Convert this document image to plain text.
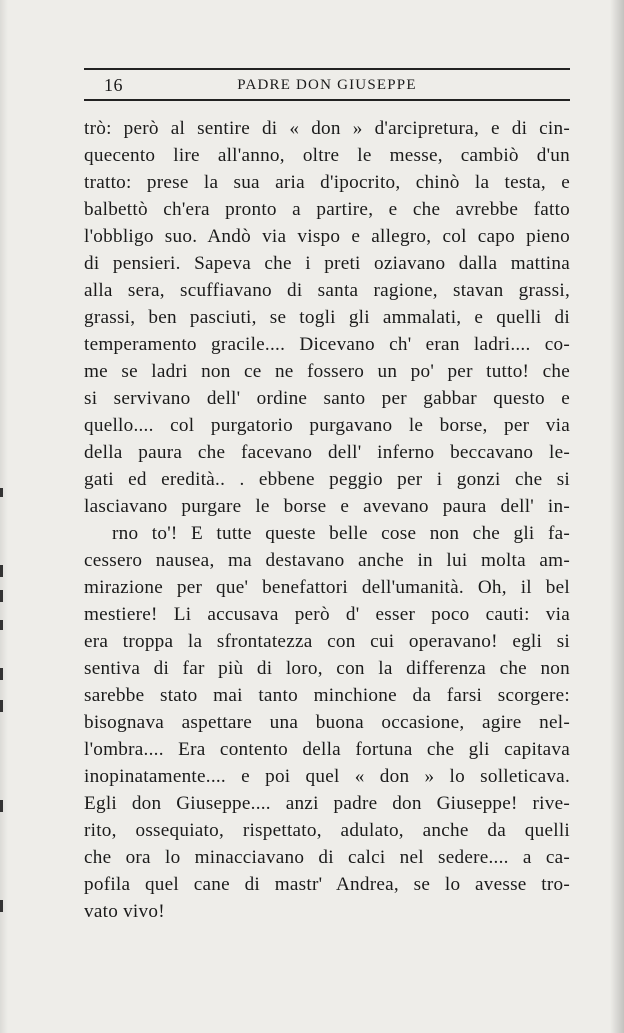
16	PADRE DON GIUSEPPE
trò: però al sentire di « don » d'arcipretura, e di cin-
quecento lire all'anno, oltre le messe, cambiò d'un
tratto: prese la sua aria d'ipocrito, chinò la testa, e
balbettò ch'era pronto a partire, e che avrebbe fatto
l'obbligo suo. Andò via vispo e allegro, col capo pieno
di pensieri. Sapeva che i preti oziavano dalla mattina
alla sera, scuffiavano di santa ragione, stavan grassi,
grassi, ben pasciuti, se togli gli ammalati, e quelli di
temperamento gracile.... Dicevano ch' eran ladri.... co-
me se ladri non ce ne fossero un po' per tutto! che
si servivano dell' ordine santo per gabbar questo e
quello.... col purgatorio purgavano le borse, per via
della paura che facevano dell' inferno beccavano le-
gati ed eredità.. . ebbene peggio per i gonzi che si
lasciavano purgare le borse e avevano paura dell' in-
rno to'! E tutte queste belle cose non che gli fa-
cessero nausea, ma destavano anche in lui molta am-
mirazione per que' benefattori dell'umanità. Oh, il bel
mestiere! Li accusava però d' esser poco cauti: via
era troppa la sfrontatezza con cui operavano! egli si
sentiva di far più di loro, con la differenza che non
sarebbe stato mai tanto minchione da farsi scorgere:
bisognava aspettare una buona occasione, agire nel-
l'ombra.... Era contento della fortuna che gli capitava
inopinatamente.... e poi quel « don » lo solleticava.
Egli don Giuseppe.... anzi padre don Giuseppe! rive-
rito, ossequiato, rispettato, adulato, anche da quelli
che ora lo minacciavano di calci nel sedere.... a ca-
pofila quel cane di mastr' Andrea, se lo avesse tro-
vato vivo!
